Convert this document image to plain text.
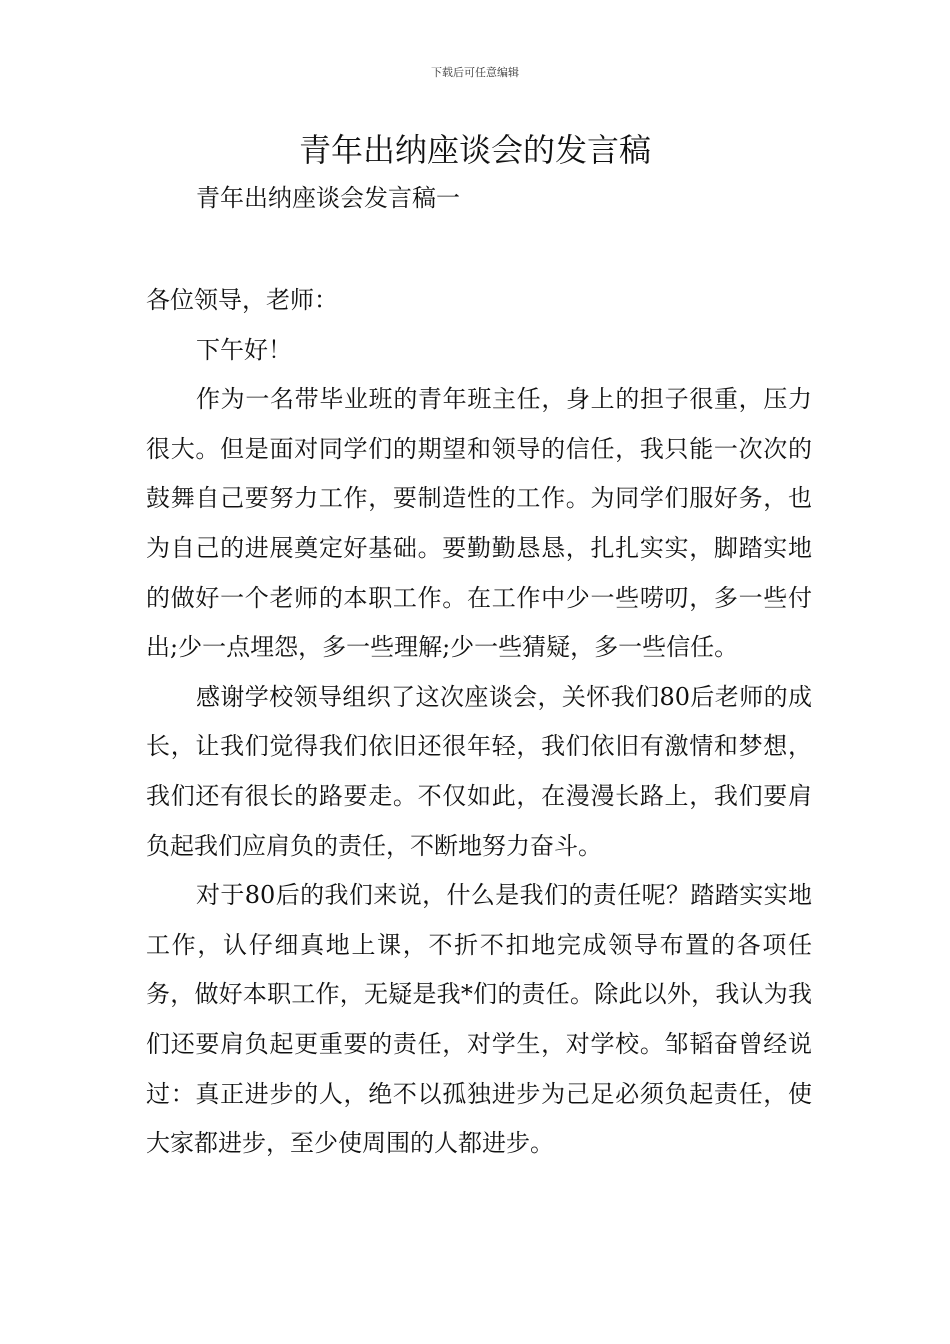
下载后可任意编辑
青年出纳座谈会的发言稿
青年出纳座谈会发言稿一

各位领导，老师：

下午好！

作为一名带毕业班的青年班主任，身上的担子很重，压力很大。但是面对同学们的期望和领导的信任，我只能一次次的鼓舞自己要努力工作，要制造性的工作。为同学们服好务，也为自己的进展奠定好基础。要勤勤恳恳，扎扎实实，脚踏实地的做好一个老师的本职工作。在工作中少一些唠叨，多一些付出;少一点埋怨，多一些理解;少一些猜疑，多一些信任。

感谢学校领导组织了这次座谈会，关怀我们80后老师的成长，让我们觉得我们依旧还很年轻，我们依旧有激情和梦想，我们还有很长的路要走。不仅如此，在漫漫长路上，我们要肩负起我们应肩负的责任，不断地努力奋斗。

对于80后的我们来说，什么是我们的责任呢？踏踏实实地工作，认仔细真地上课，不折不扣地完成领导布置的各项任务，做好本职工作，无疑是我*们的责任。除此以外，我认为我们还要肩负起更重要的责任，对学生，对学校。邹韬奋曾经说过：真正进步的人，绝不以孤独进步为己足必须负起责任，使大家都进步，至少使周围的人都进步。
